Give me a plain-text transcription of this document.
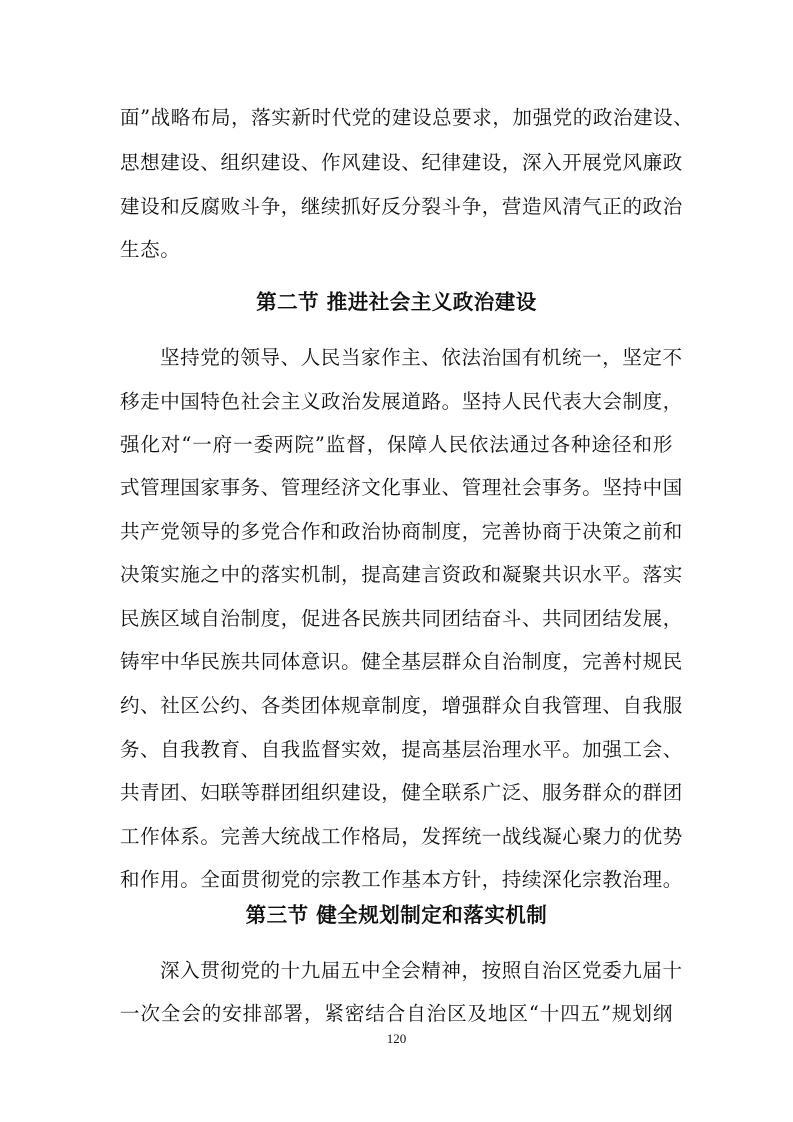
面”战略布局，落实新时代党的建设总要求，加强党的政治建设、
思想建设、组织建设、作风建设、纪律建设，深入开展党风廉政
建设和反腐败斗争，继续抓好反分裂斗争，营造风清气正的政治
生态。
第二节 推进社会主义政治建设
坚持党的领导、人民当家作主、依法治国有机统一，坚定不
移走中国特色社会主义政治发展道路。坚持人民代表大会制度，
强化对“一府一委两院”监督，保障人民依法通过各种途径和形
式管理国家事务、管理经济文化事业、管理社会事务。坚持中国
共产党领导的多党合作和政治协商制度，完善协商于决策之前和
决策实施之中的落实机制，提高建言资政和凝聚共识水平。落实
民族区域自治制度，促进各民族共同团结奋斗、共同团结发展，
铸牢中华民族共同体意识。健全基层群众自治制度，完善村规民
约、社区公约、各类团体规章制度，增强群众自我管理、自我服
务、自我教育、自我监督实效，提高基层治理水平。加强工会、
共青团、妇联等群团组织建设，健全联系广泛、服务群众的群团
工作体系。完善大统战工作格局，发挥统一战线凝心聚力的优势
和作用。全面贯彻党的宗教工作基本方针，持续深化宗教治理。
第三节 健全规划制定和落实机制
深入贯彻党的十九届五中全会精神，按照自治区党委九届十
一次全会的安排部署，紧密结合自治区及地区“十四五”规划纲
120
